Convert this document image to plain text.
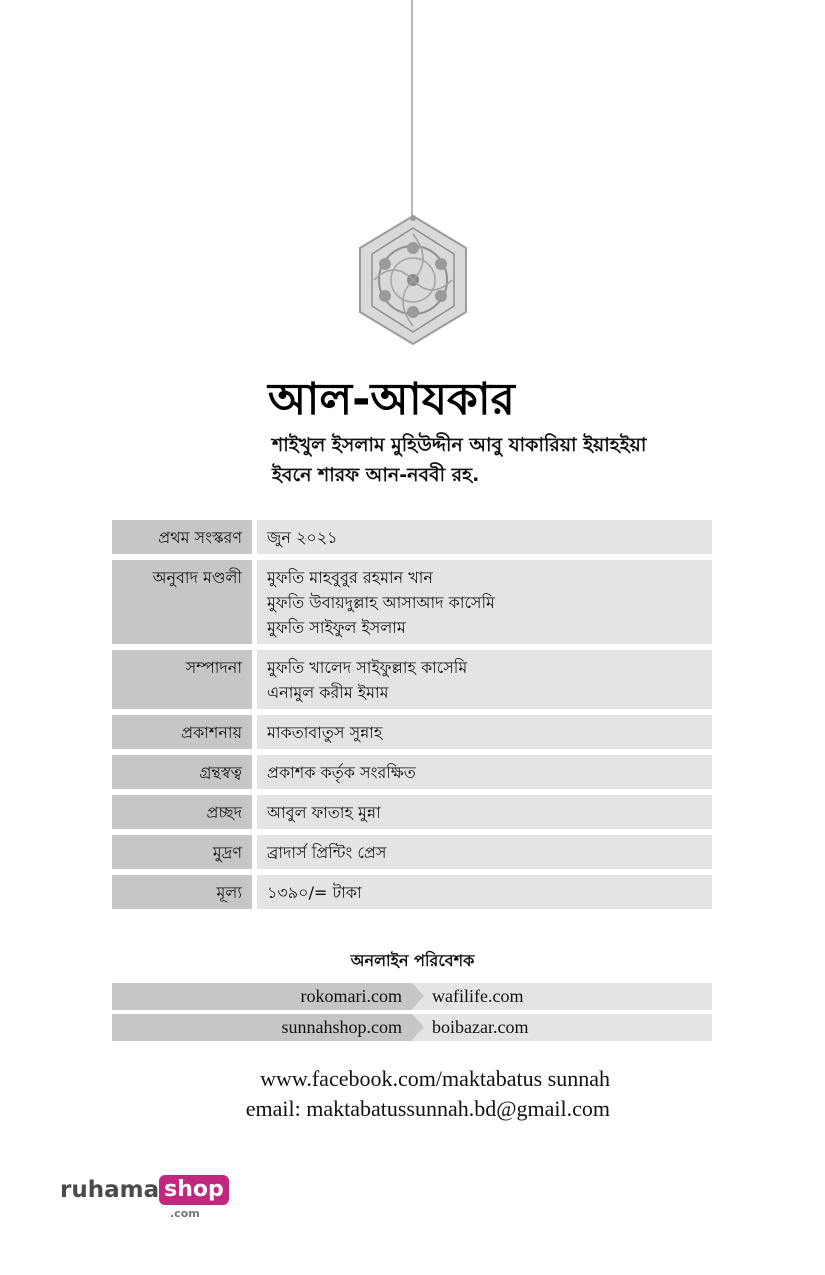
আল-আযকার
শাইখুল ইসলাম মুহিউদ্দীন আবু যাকারিয়া ইয়াহইয়া
ইবনে শারফ আন-নববী রহ.
প্রথম সংস্করণ	জুন ২০২১
অনুবাদ মণ্ডলী	মুফতি মাহবুবুর রহমান খান
মুফতি উবায়দুল্লাহ আসাআদ কাসেমি
মুফতি সাইফুল ইসলাম
সম্পাদনা	মুফতি খালেদ সাইফুল্লাহ কাসেমি
এনামুল করীম ইমাম
প্রকাশনায়	মাকতাবাতুস সুন্নাহ
গ্রন্থস্বত্ব	প্রকাশক কর্তৃক সংরক্ষিত
প্রচ্ছদ	আবুল ফাতাহ মুন্না
মুদ্রণ	ব্রাদার্স প্রিন্টিং প্রেস
মূল্য	১৩৯০/= টাকা
অনলাইন পরিবেশক
rokomari.com	wafilife.com
sunnahshop.com	boibazar.com
www.facebook.com/maktabatus sunnah
email: maktabatussunnah.bd@gmail.com
ruhama shop
.com
